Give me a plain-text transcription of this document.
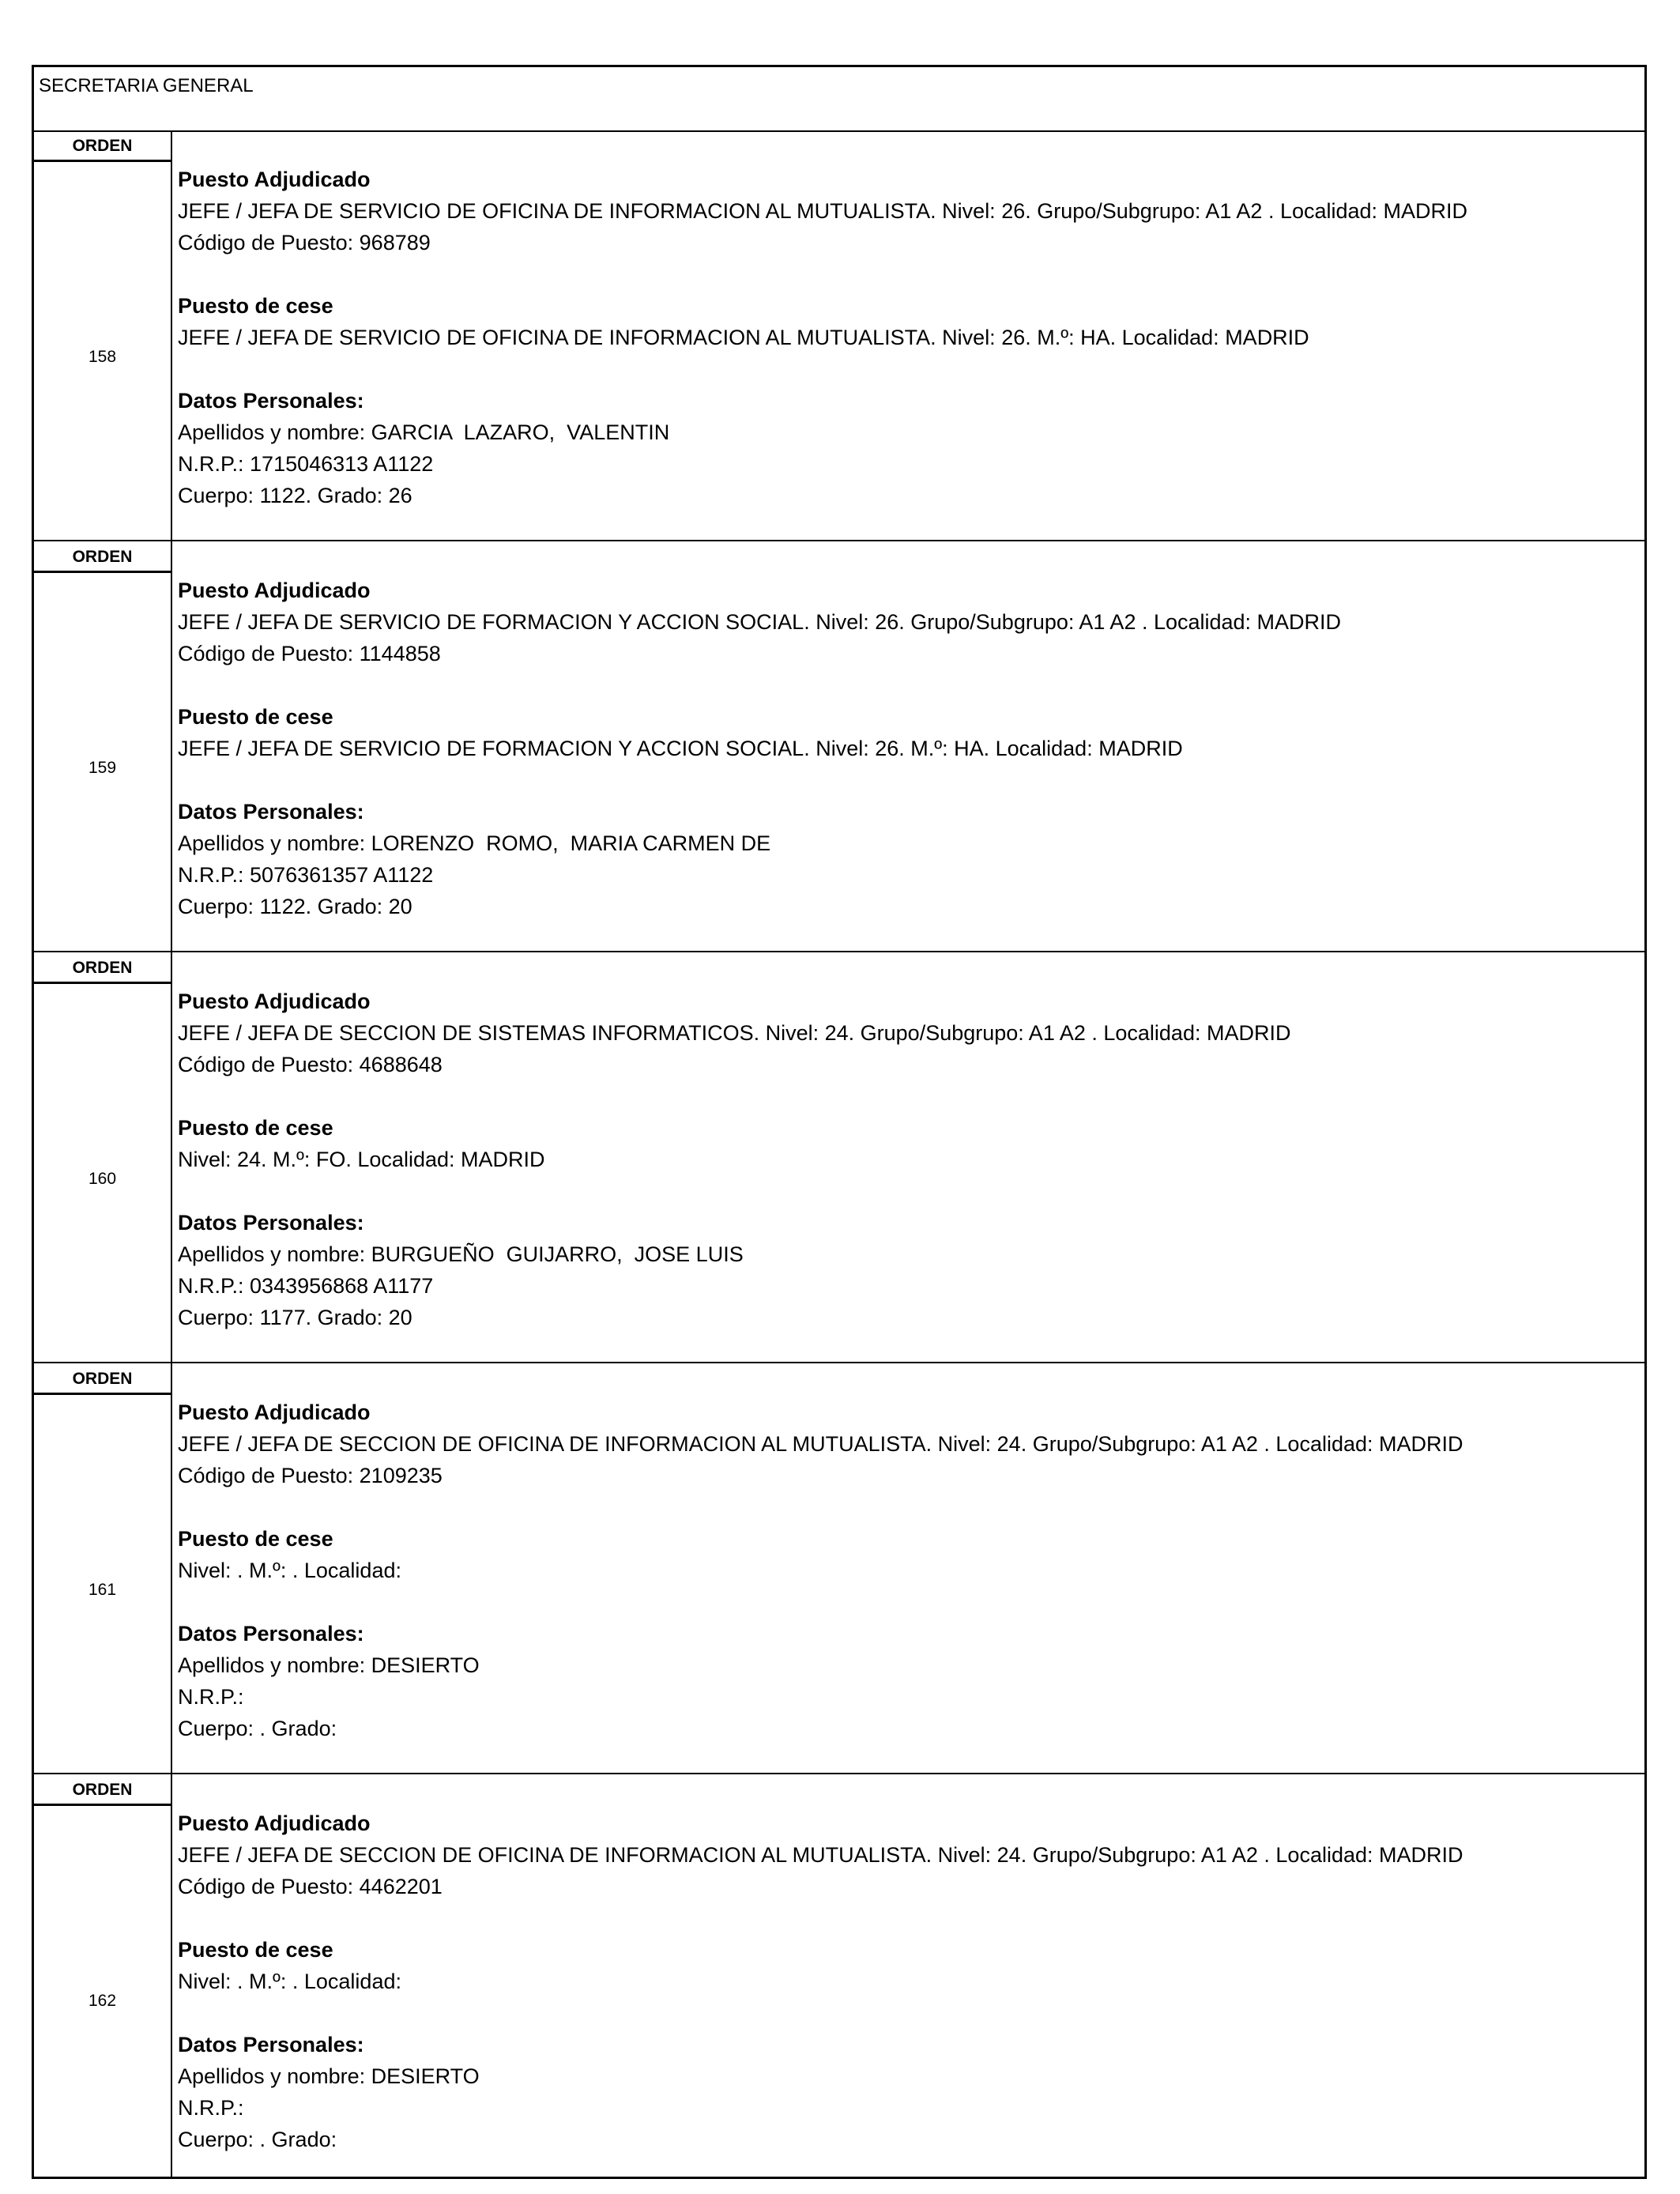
SECRETARIA GENERAL
ORDEN
158
Puesto Adjudicado
JEFE / JEFA DE SERVICIO DE OFICINA DE INFORMACION AL MUTUALISTA. Nivel: 26. Grupo/Subgrupo: A1 A2 . Localidad: MADRID
Código de Puesto: 968789
Puesto de cese
JEFE / JEFA DE SERVICIO DE OFICINA DE INFORMACION AL MUTUALISTA. Nivel: 26. M.º: HA. Localidad: MADRID
Datos Personales:
Apellidos y nombre: GARCIA  LAZARO,  VALENTIN
N.R.P.: 1715046313 A1122
Cuerpo: 1122. Grado: 26
ORDEN
159
Puesto Adjudicado
JEFE / JEFA DE SERVICIO DE FORMACION Y ACCION SOCIAL. Nivel: 26. Grupo/Subgrupo: A1 A2 . Localidad: MADRID
Código de Puesto: 1144858
Puesto de cese
JEFE / JEFA DE SERVICIO DE FORMACION Y ACCION SOCIAL. Nivel: 26. M.º: HA. Localidad: MADRID
Datos Personales:
Apellidos y nombre: LORENZO  ROMO,  MARIA CARMEN DE
N.R.P.: 5076361357 A1122
Cuerpo: 1122. Grado: 20
ORDEN
160
Puesto Adjudicado
JEFE / JEFA DE SECCION DE SISTEMAS INFORMATICOS. Nivel: 24. Grupo/Subgrupo: A1 A2 . Localidad: MADRID
Código de Puesto: 4688648
Puesto de cese
Nivel: 24. M.º: FO. Localidad: MADRID
Datos Personales:
Apellidos y nombre: BURGUEÑO  GUIJARRO,  JOSE LUIS
N.R.P.: 0343956868 A1177
Cuerpo: 1177. Grado: 20
ORDEN
161
Puesto Adjudicado
JEFE / JEFA DE SECCION DE OFICINA DE INFORMACION AL MUTUALISTA. Nivel: 24. Grupo/Subgrupo: A1 A2 . Localidad: MADRID
Código de Puesto: 2109235
Puesto de cese
Nivel: . M.º: . Localidad:
Datos Personales:
Apellidos y nombre: DESIERTO
N.R.P.:
Cuerpo: . Grado:
ORDEN
162
Puesto Adjudicado
JEFE / JEFA DE SECCION DE OFICINA DE INFORMACION AL MUTUALISTA. Nivel: 24. Grupo/Subgrupo: A1 A2 . Localidad: MADRID
Código de Puesto: 4462201
Puesto de cese
Nivel: . M.º: . Localidad:
Datos Personales:
Apellidos y nombre: DESIERTO
N.R.P.:
Cuerpo: . Grado:
